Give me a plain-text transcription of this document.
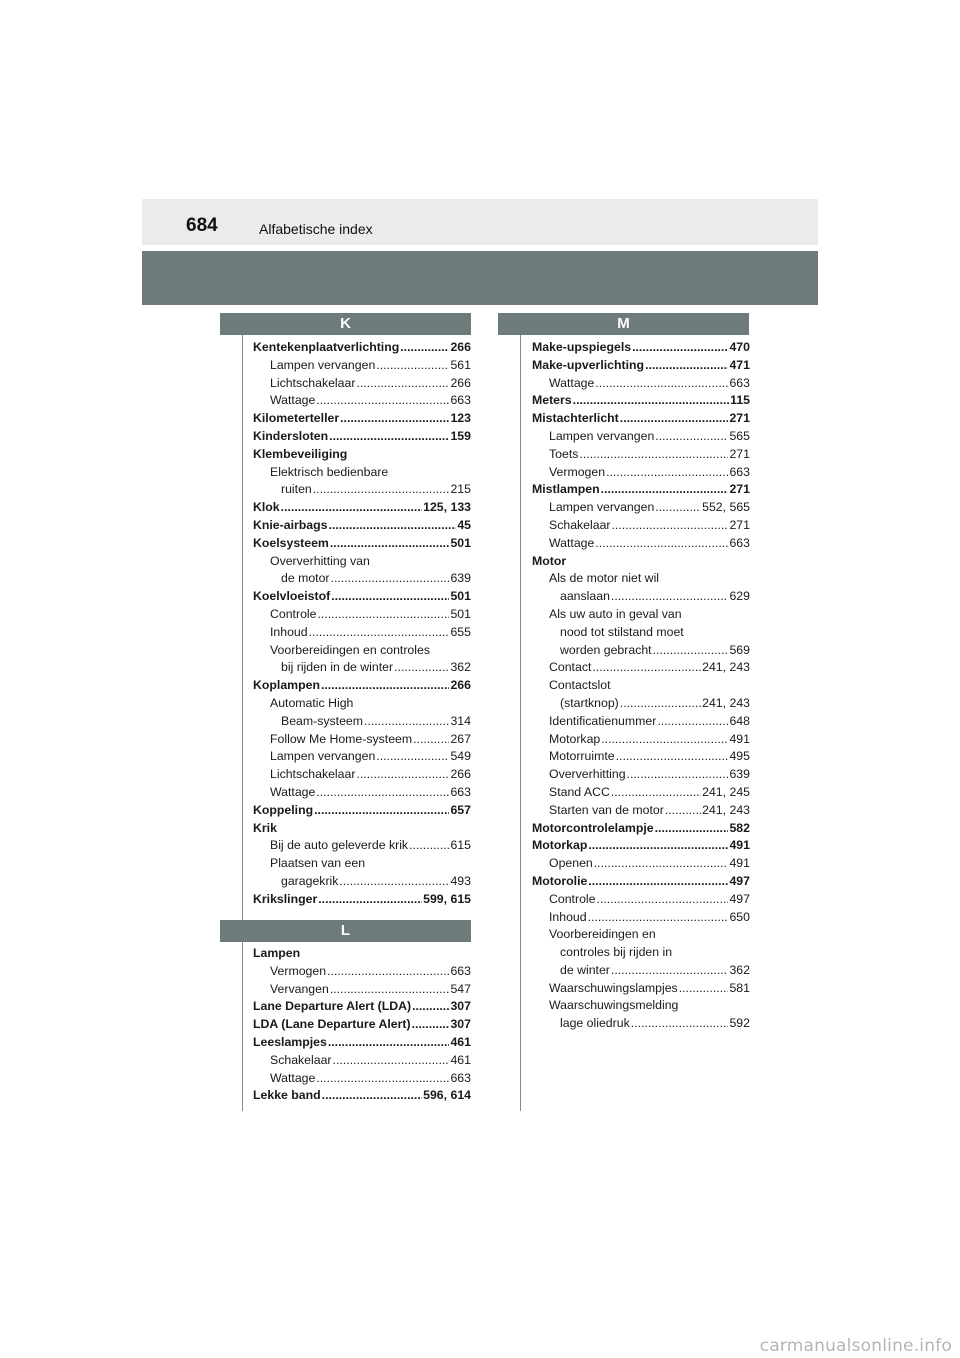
684	Alfabetische index
K
Kentekenplaatverlichting .....	266
Lampen vervangen .....	561
Lichtschakelaar .....	266
Wattage .....	663
Kilometerteller .....	123
Kindersloten .....	159
Klembeveiliging
Elektrisch bedienbare
ruiten .....	215
Klok .....	125, 133
Knie-airbags .....	45
Koelsysteem .....	501
Oververhitting van
de motor .....	639
Koelvloeistof .....	501
Controle .....	501
Inhoud .....	655
Voorbereidingen en controles
bij rijden in de winter .....	362
Koplampen .....	266
Automatic High
Beam-systeem .....	314
Follow Me Home-systeem .....	267
Lampen vervangen .....	549
Lichtschakelaar .....	266
Wattage .....	663
Koppeling .....	657
Krik
Bij de auto geleverde krik .....	615
Plaatsen van een
garagekrik .....	493
Krikslinger .....	599, 615
L
Lampen
Vermogen .....	663
Vervangen .....	547
Lane Departure Alert (LDA) .....	307
LDA (Lane Departure Alert) .....	307
Leeslampjes .....	461
Schakelaar .....	461
Wattage .....	663
Lekke band .....	596, 614
M
Make-upspiegels .....	470
Make-upverlichting .....	471
Wattage .....	663
Meters .....	115
Mistachterlicht .....	271
Lampen vervangen .....	565
Toets .....	271
Vermogen .....	663
Mistlampen .....	271
Lampen vervangen .....	552, 565
Schakelaar .....	271
Wattage .....	663
Motor
Als de motor niet wil
aanslaan .....	629
Als uw auto in geval van
nood tot stilstand moet
worden gebracht .....	569
Contact .....	241, 243
Contactslot
(startknop) .....	241, 243
Identificatienummer .....	648
Motorkap .....	491
Motorruimte .....	495
Oververhitting .....	639
Stand ACC .....	241, 245
Starten van de motor .....	241, 243
Motorcontrolelampje .....	582
Motorkap .....	491
Openen .....	491
Motorolie .....	497
Controle .....	497
Inhoud .....	650
Voorbereidingen en
controles bij rijden in
de winter .....	362
Waarschuwingslampjes .....	581
Waarschuwingsmelding
lage oliedruk .....	592
carmanualsonline.info
